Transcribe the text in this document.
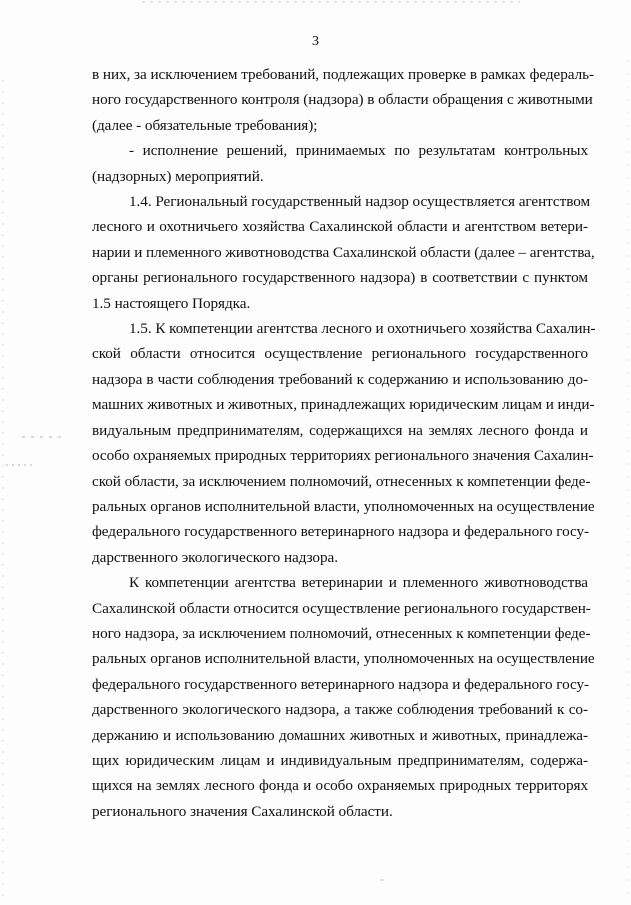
3

в них, за исключением требований, подлежащих проверке в рамках федераль-
ного государственного контроля (надзора) в области обращения с животными
(далее - обязательные требования);

- исполнение решений, принимаемых по результатам контрольных
(надзорных) мероприятий.

1.4. Региональный государственный надзор осуществляется агентством
лесного и охотничьего хозяйства Сахалинской области и агентством ветери-
нарии и племенного животноводства Сахалинской области (далее – агентства,
органы регионального государственного надзора) в соответствии с пунктом
1.5 настоящего Порядка.

1.5. К компетенции агентства лесного и охотничьего хозяйства Сахалин-
ской области относится осуществление регионального государственного
надзора в части соблюдения требований к содержанию и использованию до-
машних животных и животных, принадлежащих юридическим лицам и инди-
видуальным предпринимателям, содержащихся на землях лесного фонда и
особо охраняемых природных территориях регионального значения Сахалин-
ской области, за исключением полномочий, отнесенных к компетенции феде-
ральных органов исполнительной власти, уполномоченных на осуществление
федерального государственного ветеринарного надзора и федерального госу-
дарственного экологического надзора.

К компетенции агентства ветеринарии и племенного животноводства
Сахалинской области относится осуществление регионального государствен-
ного надзора, за исключением полномочий, отнесенных к компетенции феде-
ральных органов исполнительной власти, уполномоченных на осуществление
федерального государственного ветеринарного надзора и федерального госу-
дарственного экологического надзора, а также соблюдения требований к со-
держанию и использованию домашних животных и животных, принадлежа-
щих юридическим лицам и индивидуальным предпринимателям, содержа-
щихся на землях лесного фонда и особо охраняемых природных территорях
регионального значения Сахалинской области.
